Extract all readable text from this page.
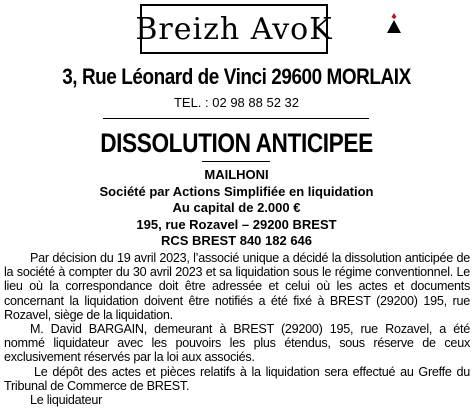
Breizh AvoK
3, Rue Léonard de Vinci 29600 MORLAIX
TEL. : 02 98 88 52 32
DISSOLUTION ANTICIPEE
MAILHONI
Société par Actions Simplifiée en liquidation
Au capital de 2.000 €
195, rue Rozavel – 29200 BREST
RCS BREST 840 182 646

Par décision du 19 avril 2023, l’associé unique a décidé la dissolution anticipée de la société à compter du 30 avril 2023 et sa liquidation sous le régime conventionnel. Le lieu où la correspondance doit être adressée et celui où les actes et documents concernant la liquidation doivent être notifiés a été fixé à BREST (29200) 195, rue Rozavel, siège de la liquidation.

M. David BARGAIN, demeurant à BREST (29200) 195, rue Rozavel, a été nommé liquidateur avec les pouvoirs les plus étendus, sous réserve de ceux exclusivement réservés par la loi aux associés.

Le dépôt des actes et pièces relatifs à la liquidation sera effectué au Greffe du Tribunal de Commerce de BREST.

Le liquidateur
